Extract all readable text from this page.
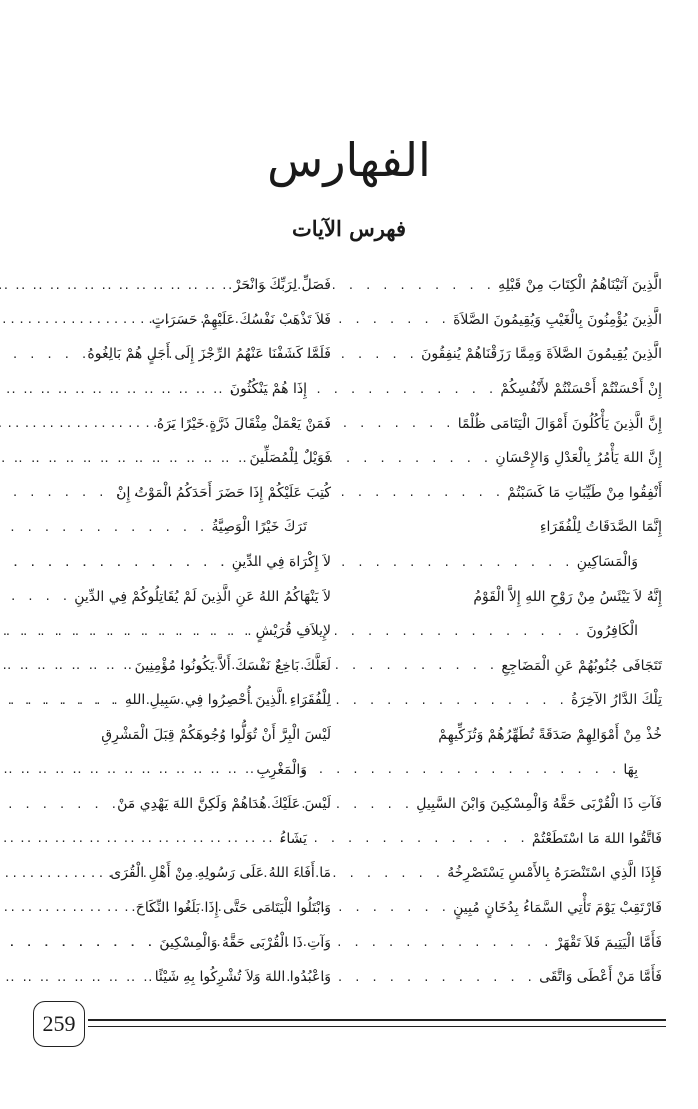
الفهارس
فهرس الآيات
الَّذِينَ آتَيْنَاهُمُ الْكِتَابَ مِنْ قَبْلِهِ
. . .
الَّذِينَ يُؤْمِنُونَ بِالْغَيْبِ وَيُقِيمُونَ الصَّلاَةَ
. . .
الَّذِينَ يُقِيمُونَ الصَّلاَةَ وَمِمَّا رَزَقْنَاهُمْ يُنفِقُونَ
. . .
إِنْ أَحْسَنْتُمْ أَحْسَنْتُمْ لأَنْفُسِكُمْ
. . .
إِنَّ الَّذِينَ يَأْكُلُونَ أَمْوَالَ الْيَتَامَى ظُلْمًا
. . .
إِنَّ اللهَ يَأْمُرُ بِالْعَدْلِ وَالإِحْسَانِ
. . .
أَنْفِقُوا مِنْ طَيِّبَاتِ مَا كَسَبْتُمْ
. . .
إِنَّمَا الصَّدَقَاتُ لِلْفُقَرَاءِ
وَالْمَسَاكِينِ
. . .
إِنَّهُ لاَ يَيْئَسُ مِنْ رَوْحِ اللهِ إِلاَّ الْقَوْمُ
الْكَافِرُونَ
. . .
تَتَجَافَى جُنُوبُهُمْ عَنِ الْمَضَاجِعِ
. . .
تِلْكَ الدَّارُ الآخِرَةُ
. . .
خُذْ مِنْ أَمْوَالِهِمْ صَدَقَةً تُطَهِّرُهُمْ وَتُزَكِّيهِمْ
بِهَا
. . .
فَآتِ ذَا الْقُرْبَى حَقَّهُ وَالْمِسْكِينَ وَابْنَ السَّبِيلِ
. . .
فَاتَّقُوا اللهَ مَا اسْتَطَعْتُمْ
. . .
فَإِذَا الَّذِي اسْتَنْصَرَهُ بِالأَمْسِ يَسْتَصْرِخُهُ
. . .
فَارْتَقِبْ يَوْمَ تَأْتِي السَّمَاءُ بِدُخَانٍ مُبِينٍ
. . .
فَأَمَّا الْيَتِيمَ فَلاَ تَقْهَرْ
. . .
فَأَمَّا مَنْ أَعْطَى وَاتَّقَى
. . .
فَصَلِّ لِرَبِّكَ وَانْحَرْ
. . .
فَلاَ تَذْهَبْ نَفْسُكَ عَلَيْهِمْ حَسَرَاتٍ
. . .
فَلَمَّا كَشَفْنَا عَنْهُمُ الرِّجْزَ إِلَى أَجَلٍ هُمْ بَالِغُوهُ
إِذَا هُمْ يَنْكُثُونَ
. . .
فَمَنْ يَعْمَلْ مِثْقَالَ ذَرَّةٍ خَيْرًا يَرَهُ
. . .
فَوَيْلٌ لِلْمُصَلِّينَ
. . .
كُتِبَ عَلَيْكُمْ إِذَا حَضَرَ أَحَدَكُمُ الْمَوْتُ إِنْ
تَرَكَ خَيْرًا الْوَصِيَّةُ
. . .
لاَ إِكْرَاهَ فِي الدِّينِ
. . .
لاَ يَنْهَاكُمُ اللهُ عَنِ الَّذِينَ لَمْ يُقَاتِلُوكُمْ فِي الدِّينِ
. . .
لإِيلاَفِ قُرَيْشٍ
. . .
لَعَلَّكَ بَاخِعٌ نَفْسَكَ أَلاَّ يَكُونُوا مُؤْمِنِينَ
. . .
لِلْفُقَرَاءِ الَّذِينَ أُحْصِرُوا فِي سَبِيلِ اللهِ
. . .
لَيْسَ الْبِرَّ أَنْ تُوَلُّوا وُجُوهَكُمْ قِبَلَ الْمَشْرِقِ
وَالْمَغْرِبِ
. . .
لَيْسَ عَلَيْكَ هُدَاهُمْ وَلَكِنَّ اللهَ يَهْدِي مَنْ
يَشَاءُ
. . .
مَا أَفَاءَ اللهُ عَلَى رَسُولِهِ مِنْ أَهْلِ الْقُرَى
. . .
وَابْتَلُوا الْيَتَامَى حَتَّى إِذَا بَلَغُوا النِّكَاحَ
. . .
وَآتِ ذَا الْقُرْبَى حَقَّهُ وَالْمِسْكِينَ
. . .
وَاعْبُدُوا اللهَ وَلاَ تُشْرِكُوا بِهِ شَيْئًا
. . .
259
